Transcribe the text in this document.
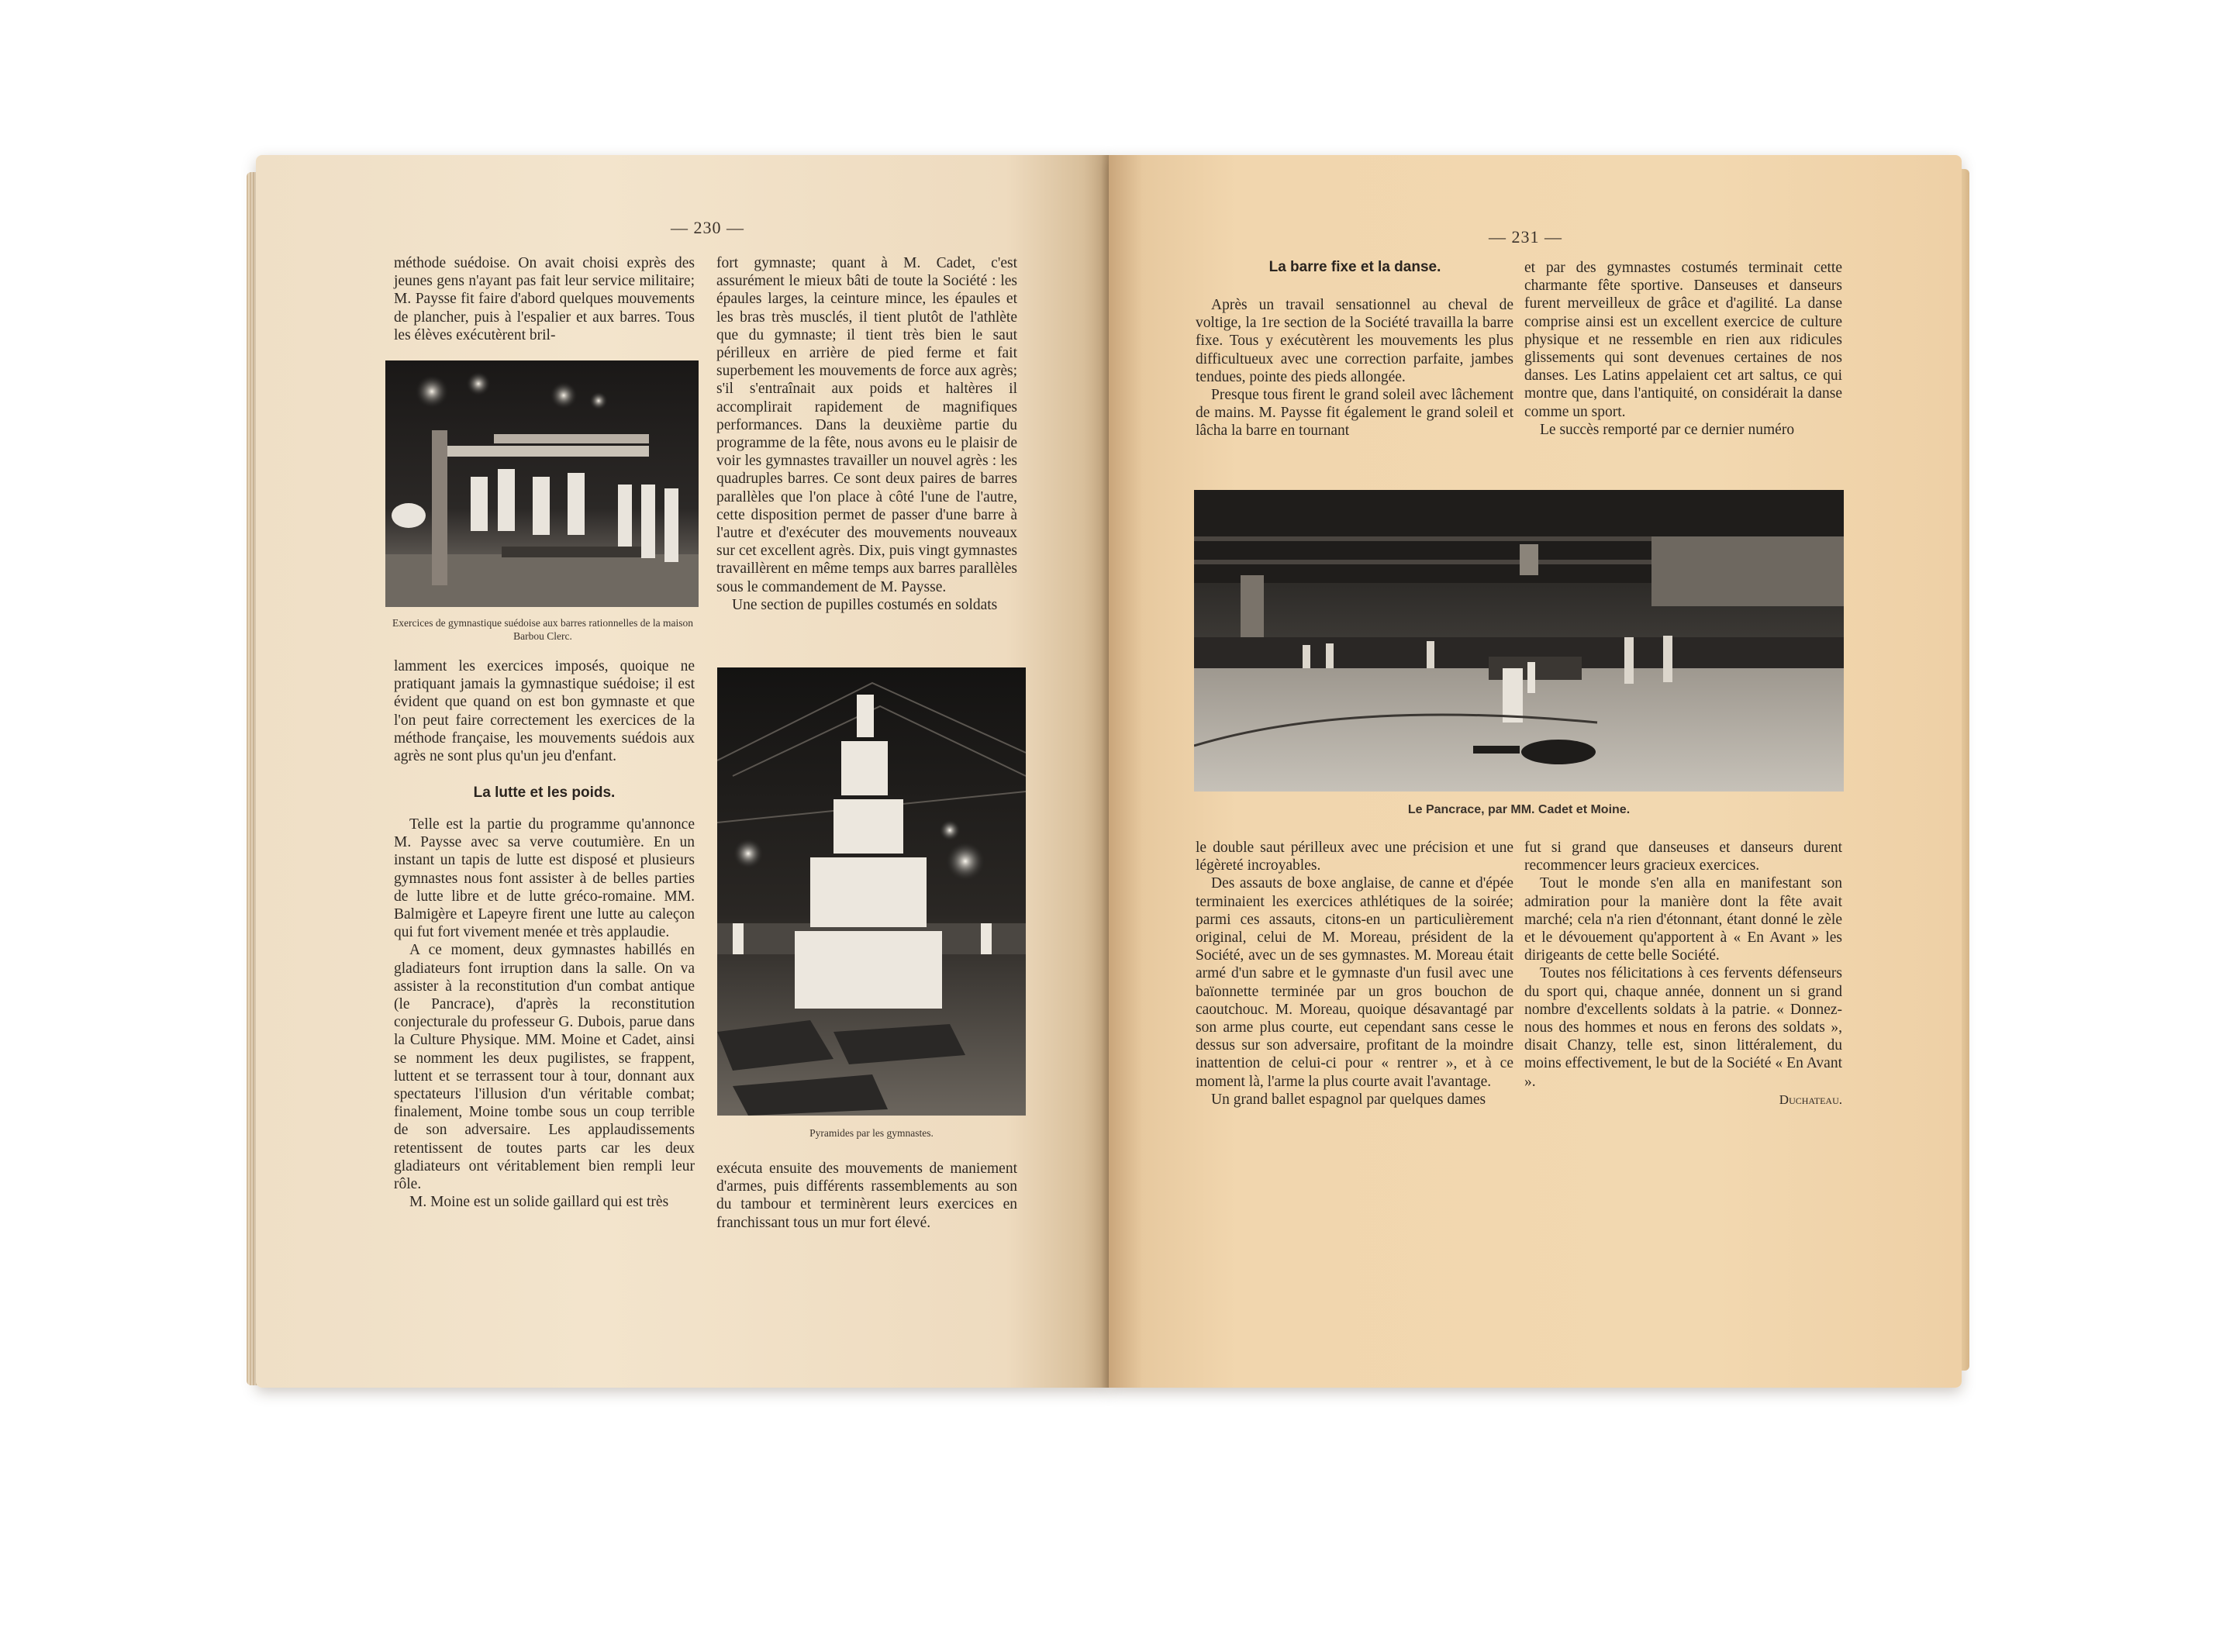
— 230 —

méthode suédoise. On avait choisi exprès des jeunes gens n'ayant pas fait leur service militaire; M. Paysse fit faire d'abord quelques mouvements de plancher, puis à l'espalier et aux barres. Tous les élèves exécutèrent bril-

Exercices de gymnastique suédoise aux barres rationnelles de la maison Barbou Clerc.

lamment les exercices imposés, quoique ne pratiquant jamais la gymnastique suédoise; il est évident que quand on est bon gymnaste et que l'on peut faire correctement les exercices de la méthode française, les mouvements suédois aux agrès ne sont plus qu'un jeu d'enfant.

La lutte et les poids.

Telle est la partie du programme qu'annonce M. Paysse avec sa verve coutumière. En un instant un tapis de lutte est disposé et plusieurs gymnastes nous font assister à de belles parties de lutte libre et de lutte gréco-romaine. MM. Balmigère et Lapeyre firent une lutte au caleçon qui fut fort vivement menée et très applaudie.

A ce moment, deux gymnastes habillés en gladiateurs font irruption dans la salle. On va assister à la reconstitution d'un combat antique (le Pancrace), d'après la reconstitution conjecturale du professeur G. Dubois, parue dans la Culture Physique. MM. Moine et Cadet, ainsi se nomment les deux pugilistes, se frappent, luttent et se terrassent tour à tour, donnant aux spectateurs l'illusion d'un véritable combat; finalement, Moine tombe sous un coup terrible de son adversaire. Les applaudissements retentissent de toutes parts car les deux gladiateurs ont véritablement bien rempli leur rôle.

M. Moine est un solide gaillard qui est très

fort gymnaste; quant à M. Cadet, c'est assurément le mieux bâti de toute la Société : les épaules larges, la ceinture mince, les épaules et les bras très musclés, il tient plutôt de l'athlète que du gymnaste; il tient très bien le saut périlleux en arrière de pied ferme et fait superbement les mouvements de force aux agrès; s'il s'entraînait aux poids et haltères il accomplirait rapidement de magnifiques performances. Dans la deuxième partie du programme de la fête, nous avons eu le plaisir de voir les gymnastes travailler un nouvel agrès : les quadruples barres. Ce sont deux paires de barres parallèles que l'on place à côté l'une de l'autre, cette disposition permet de passer d'une barre à l'autre et d'exécuter des mouvements nouveaux sur cet excellent agrès. Dix, puis vingt gymnastes travaillèrent en même temps aux barres parallèles sous le commandement de M. Paysse.

Une section de pupilles costumés en soldats

Pyramides par les gymnastes.

exécuta ensuite des mouvements de maniement d'armes, puis différents rassemblements au son du tambour et terminèrent leurs exercices en franchissant tous un mur fort élevé.

— 231 —
La barre fixe et la danse.

Après un travail sensationnel au cheval de voltige, la 1re section de la Société travailla la barre fixe. Tous y exécutèrent les mouvements les plus difficultueux avec une correction parfaite, jambes tendues, pointe des pieds allongée.

Presque tous firent le grand soleil avec lâchement de mains. M. Paysse fit également le grand soleil et lâcha la barre en tournant

et par des gymnastes costumés terminait cette charmante fête sportive. Danseuses et danseurs furent merveilleux de grâce et d'agilité. La danse comprise ainsi est un excellent exercice de culture physique et ne ressemble en rien aux ridicules glissements qui sont devenues certaines de nos danses. Les Latins appelaient cet art saltus, ce qui montre que, dans l'antiquité, on considérait la danse comme un sport.

Le succès remporté par ce dernier numéro

Le Pancrace, par MM. Cadet et Moine.

le double saut périlleux avec une précision et une légèreté incroyables.

Des assauts de boxe anglaise, de canne et d'épée terminaient les exercices athlétiques de la soirée; parmi ces assauts, citons-en un particulièrement original, celui de M. Moreau, président de la Société, avec un de ses gymnastes. M. Moreau était armé d'un sabre et le gymnaste d'un fusil avec une baïonnette terminée par un gros bouchon de caoutchouc. M. Moreau, quoique désavantagé par son arme plus courte, eut cependant sans cesse le dessus sur son adversaire, profitant de la moindre inattention de celui-ci pour « rentrer », et à ce moment là, l'arme la plus courte avait l'avantage.

Un grand ballet espagnol par quelques dames

fut si grand que danseuses et danseurs durent recommencer leurs gracieux exercices.

Tout le monde s'en alla en manifestant son admiration pour la manière dont la fête avait marché; cela n'a rien d'étonnant, étant donné le zèle et le dévouement qu'apportent à « En Avant » les dirigeants de cette belle Société.

Toutes nos félicitations à ces fervents défenseurs du sport qui, chaque année, donnent un si grand nombre d'excellents soldats à la patrie. « Donnez-nous des hommes et nous en ferons des soldats », disait Chanzy, telle est, sinon littéralement, du moins effectivement, le but de la Société « En Avant ».

Duchateau.
